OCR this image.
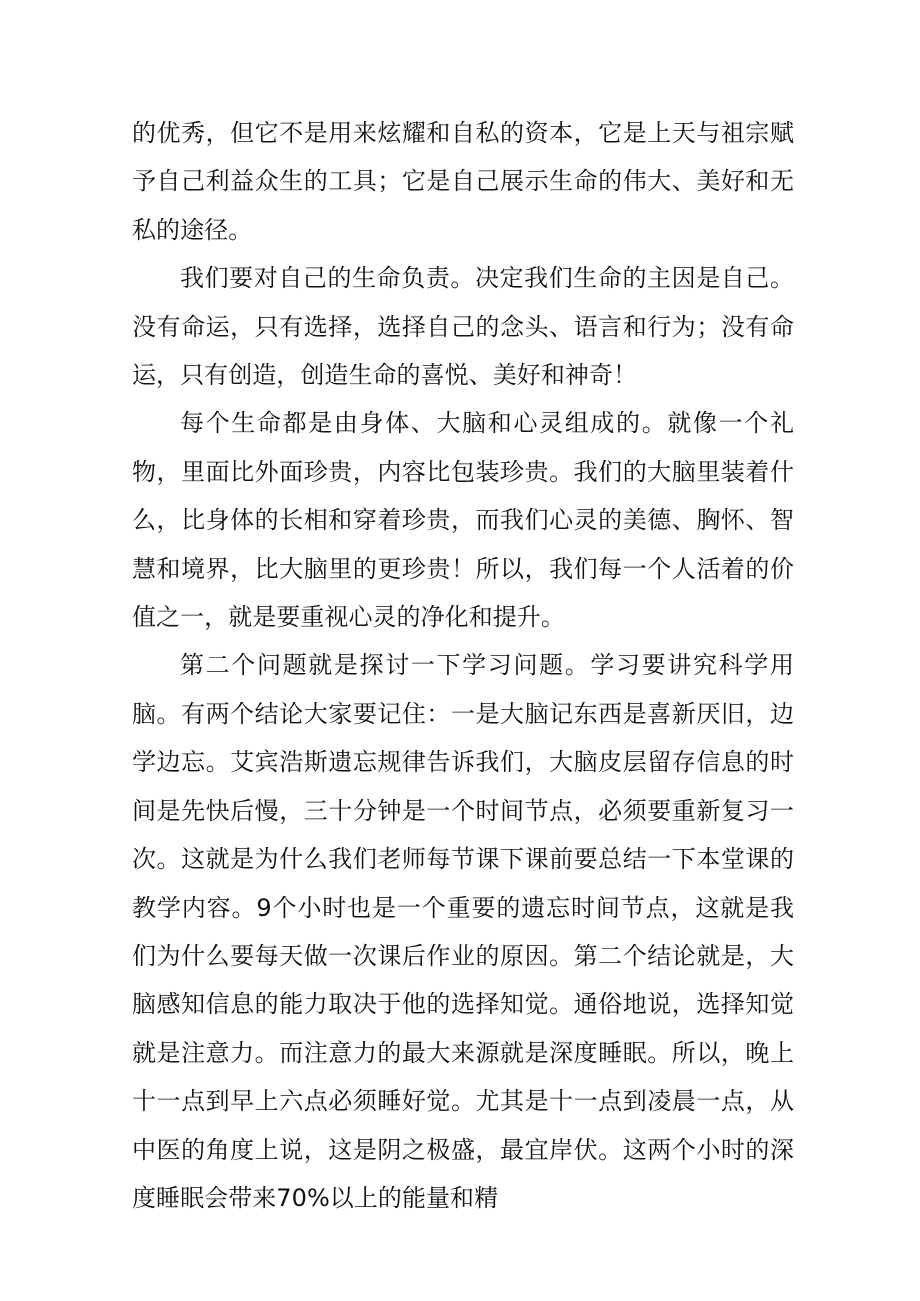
的优秀，但它不是用来炫耀和自私的资本，它是上天与祖宗赋予自己利益众生的工具；它是自己展示生命的伟大、美好和无私的途径。

我们要对自己的生命负责。决定我们生命的主因是自己。没有命运，只有选择，选择自己的念头、语言和行为；没有命运，只有创造，创造生命的喜悦、美好和神奇！

每个生命都是由身体、大脑和心灵组成的。就像一个礼物，里面比外面珍贵，内容比包装珍贵。我们的大脑里装着什么，比身体的长相和穿着珍贵，而我们心灵的美德、胸怀、智慧和境界，比大脑里的更珍贵！所以，我们每一个人活着的价值之一，就是要重视心灵的净化和提升。

第二个问题就是探讨一下学习问题。学习要讲究科学用脑。有两个结论大家要记住：一是大脑记东西是喜新厌旧，边学边忘。艾宾浩斯遗忘规律告诉我们，大脑皮层留存信息的时间是先快后慢，三十分钟是一个时间节点，必须要重新复习一次。这就是为什么我们老师每节课下课前要总结一下本堂课的教学内容。9个小时也是一个重要的遗忘时间节点，这就是我们为什么要每天做一次课后作业的原因。第二个结论就是，大脑感知信息的能力取决于他的选择知觉。通俗地说，选择知觉就是注意力。而注意力的最大来源就是深度睡眠。所以，晚上十一点到早上六点必须睡好觉。尤其是十一点到凌晨一点，从中医的角度上说，这是阴之极盛，最宜岸伏。这两个小时的深度睡眠会带来70%以上的能量和精
